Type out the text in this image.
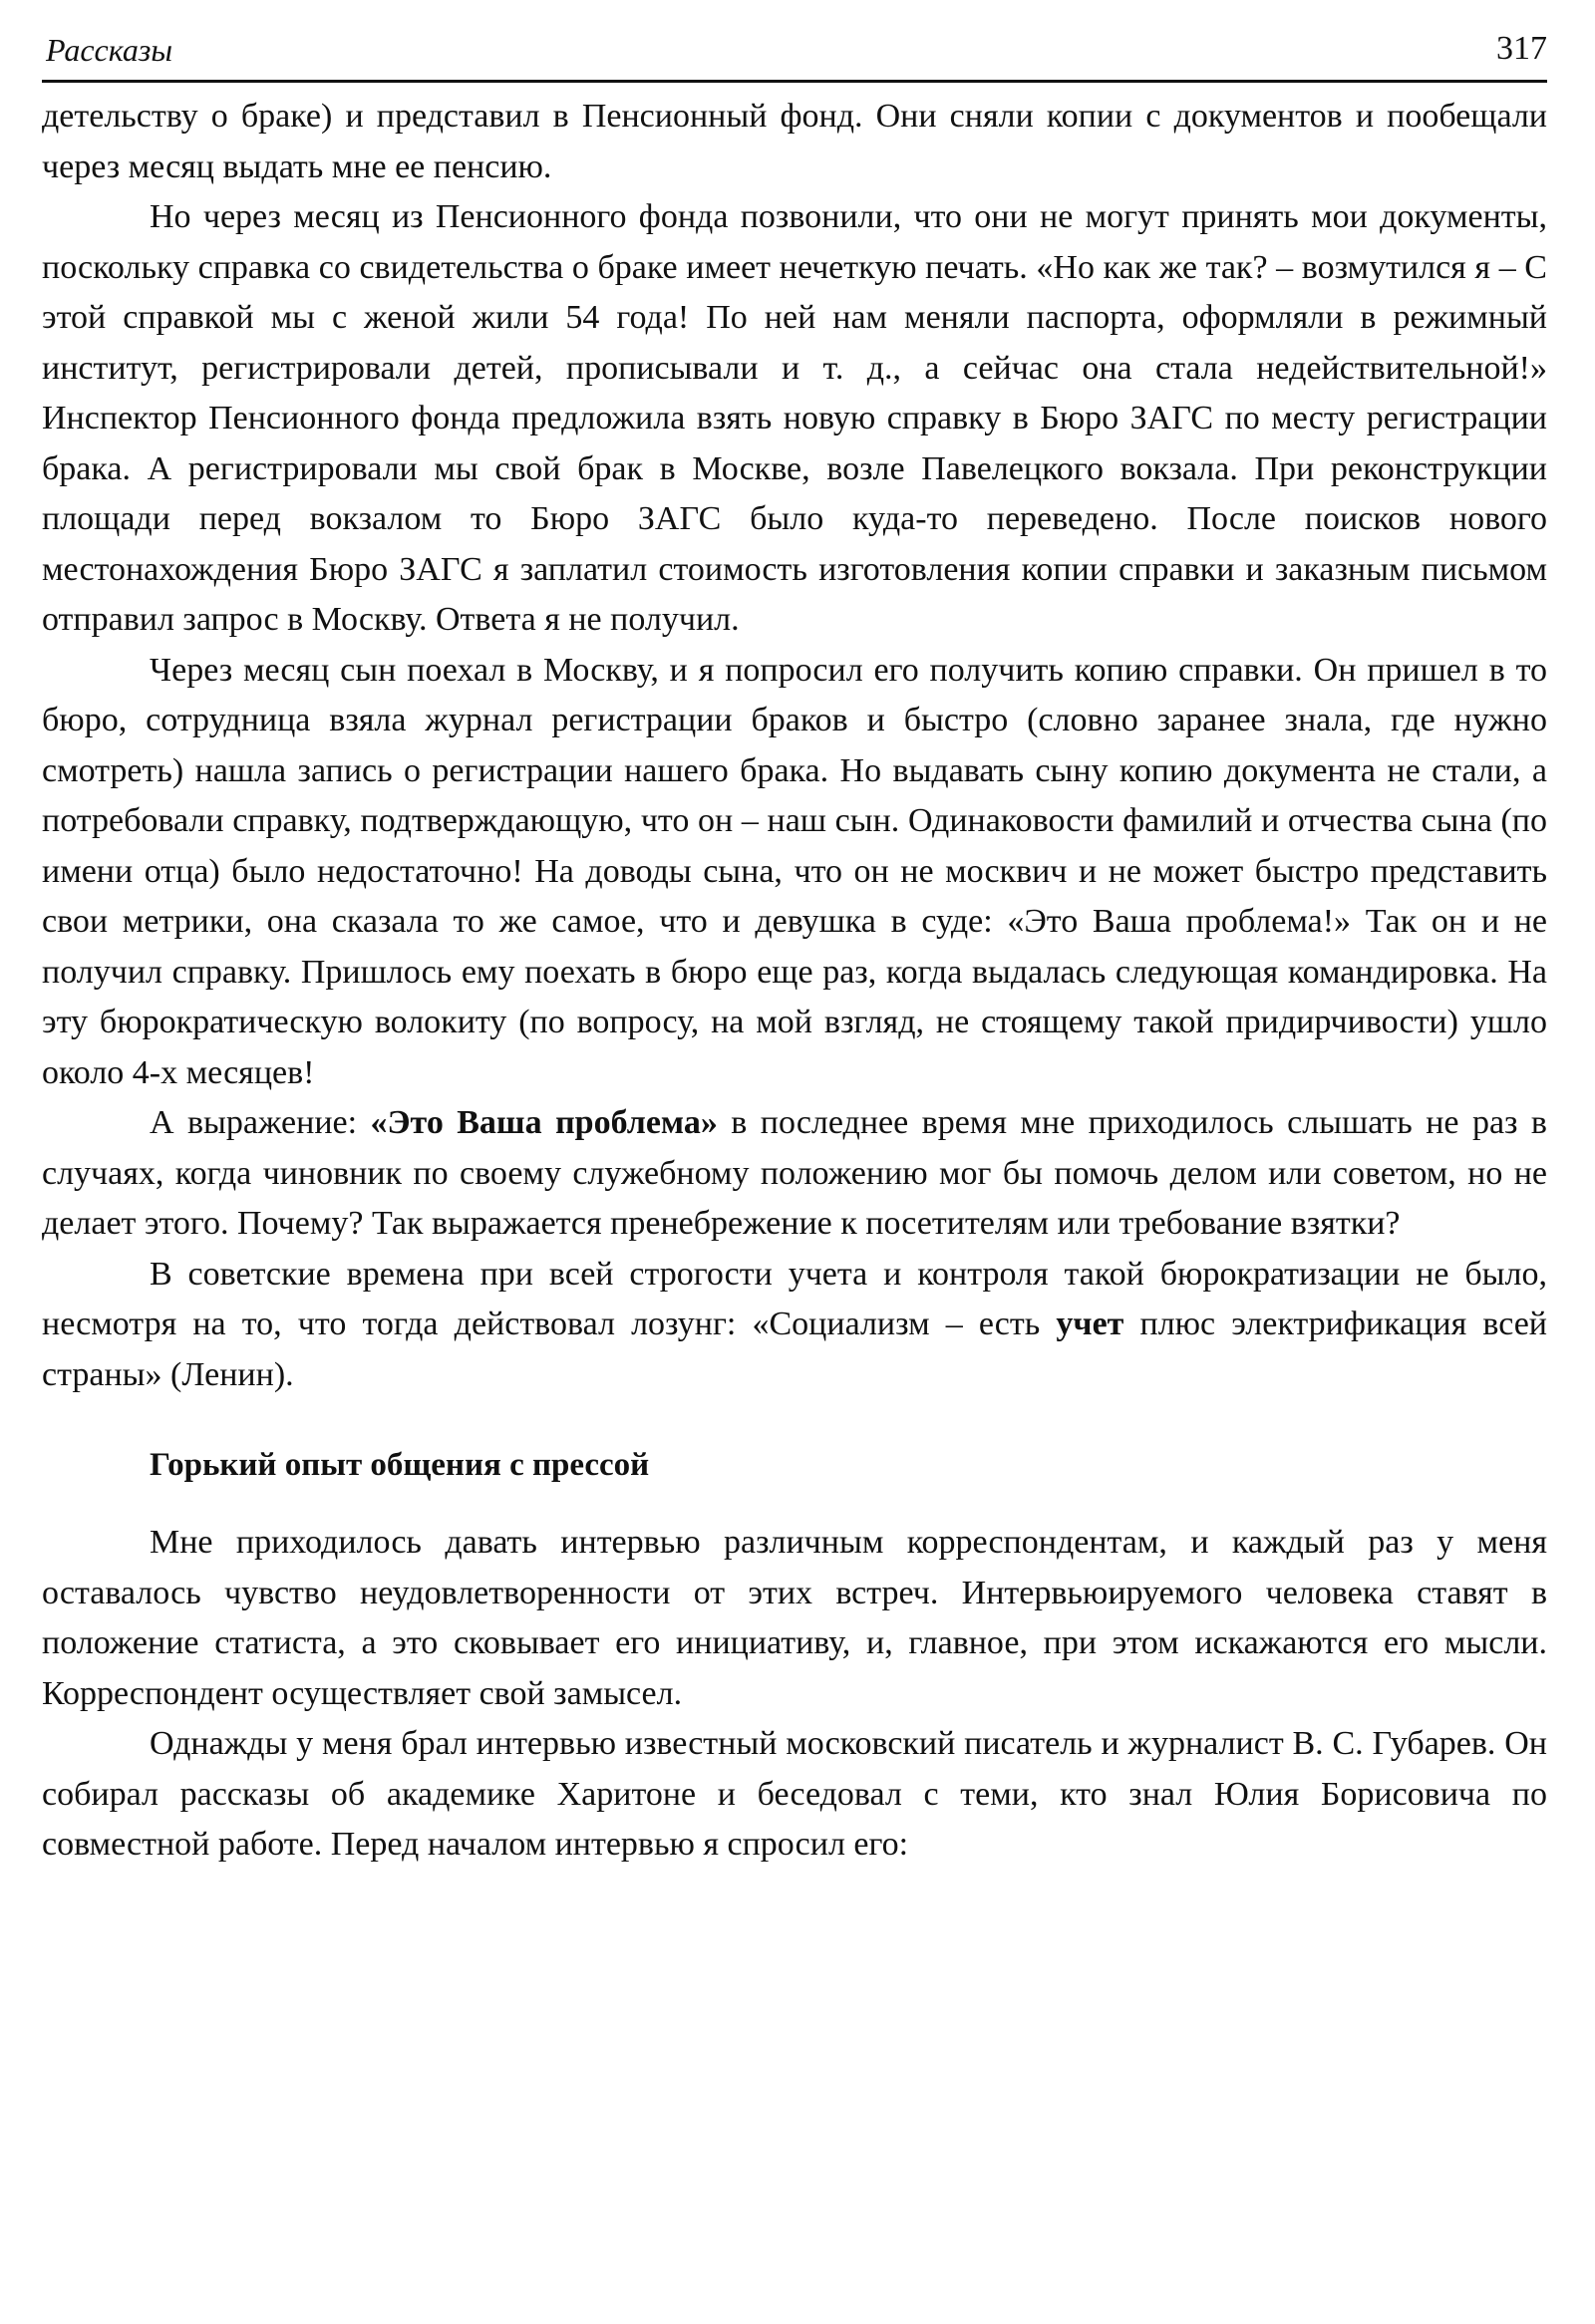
Рассказы	317

детельству о браке) и представил в Пенсионный фонд. Они сняли копии с документов и пообещали через месяц выдать мне ее пенсию.

Но через месяц из Пенсионного фонда позвонили, что они не могут принять мои документы, поскольку справка со свидетельства о браке имеет нечеткую печать. «Но как же так? – возмутился я – С этой справкой мы с женой жили 54 года! По ней нам меняли паспорта, оформляли в режимный институт, регистрировали детей, прописывали и т. д., а сейчас она стала недействительной!» Инспектор Пенсионного фонда предложила взять новую справку в Бюро ЗАГС по месту регистрации брака. А регистрировали мы свой брак в Москве, возле Павелецкого вокзала. При реконструкции площади перед вокзалом то Бюро ЗАГС было куда-то переведено. После поисков нового местонахождения Бюро ЗАГС я заплатил стоимость изготовления копии справки и заказным письмом отправил запрос в Москву. Ответа я не получил.

Через месяц сын поехал в Москву, и я попросил его получить копию справки. Он пришел в то бюро, сотрудница взяла журнал регистрации браков и быстро (словно заранее знала, где нужно смотреть) нашла запись о регистрации нашего брака. Но выдавать сыну копию документа не стали, а потребовали справку, подтверждающую, что он – наш сын. Одинаковости фамилий и отчества сына (по имени отца) было недостаточно! На доводы сына, что он не москвич и не может быстро представить свои метрики, она сказала то же самое, что и девушка в суде: «Это Ваша проблема!» Так он и не получил справку. Пришлось ему поехать в бюро еще раз, когда выдалась следующая командировка. На эту бюрократическую волокиту (по вопросу, на мой взгляд, не стоящему такой придирчивости) ушло около 4-х месяцев!

А выражение: «Это Ваша проблема» в последнее время мне приходилось слышать не раз в случаях, когда чиновник по своему служебному положению мог бы помочь делом или советом, но не делает этого. Почему? Так выражается пренебрежение к посетителям или требование взятки?

В советские времена при всей строгости учета и контроля такой бюрократизации не было, несмотря на то, что тогда действовал лозунг: «Социализм – есть учет плюс электрификация всей страны» (Ленин).

Горький опыт общения с прессой

Мне приходилось давать интервью различным корреспондентам, и каждый раз у меня оставалось чувство неудовлетворенности от этих встреч. Интервьюируемого человека ставят в положение статиста, а это сковывает его инициативу, и, главное, при этом искажаются его мысли. Корреспондент осуществляет свой замысел.

Однажды у меня брал интервью известный московский писатель и журналист В. С. Губарев. Он собирал рассказы об академике Харитоне и беседовал с теми, кто знал Юлия Борисовича по совместной работе. Перед началом интервью я спросил его:
